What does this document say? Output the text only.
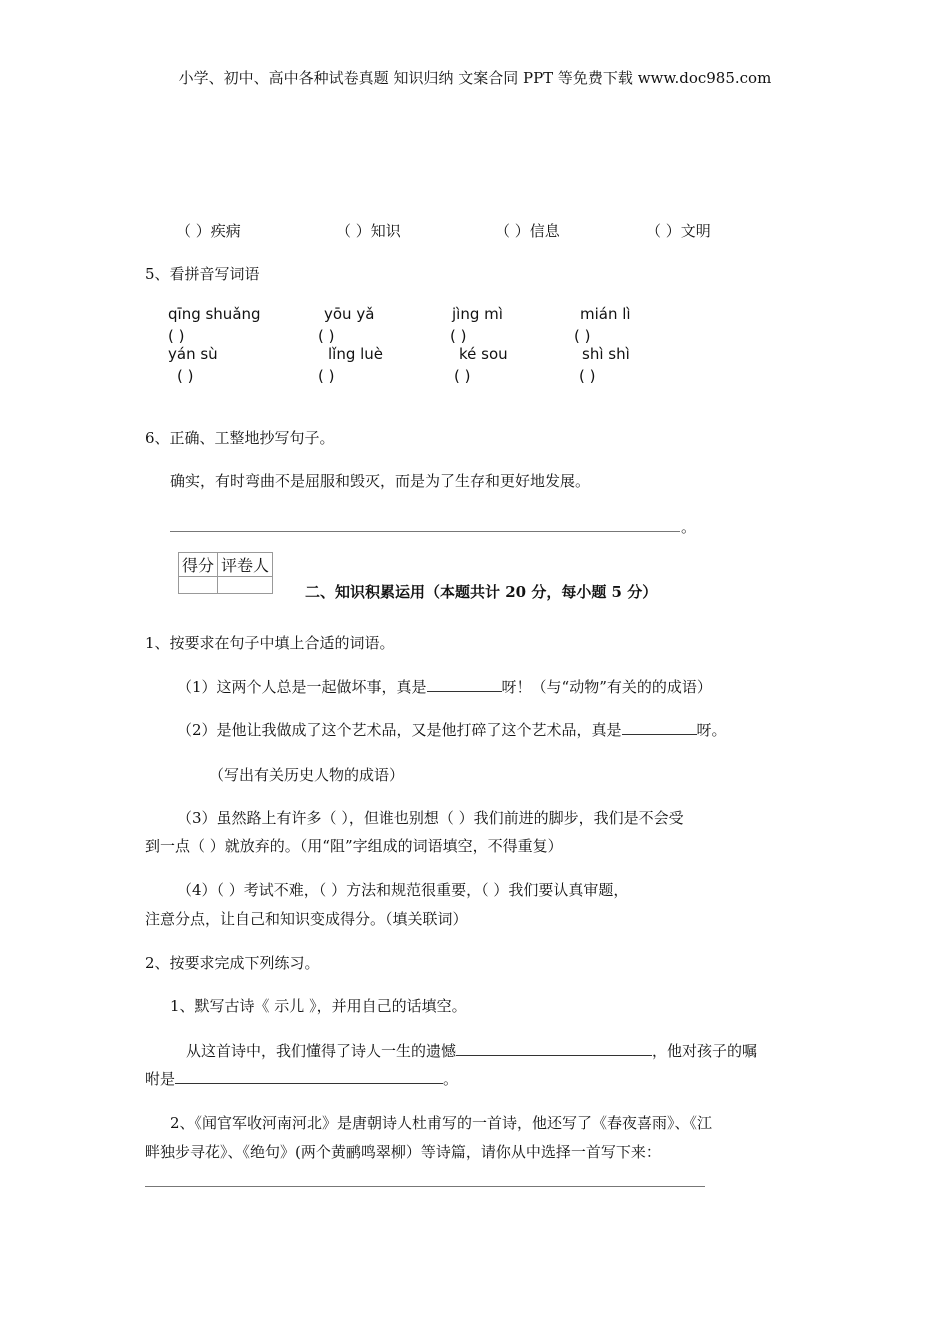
小学、初中、高中各种试卷真题 知识归纳 文案合同 PPT 等免费下载 www.doc985.com
（ ）疾病	（ ）知识	（ ）信息	（ ）文明
5、看拼音写词语
qīng shuǎng	yōu yǎ	jìng mì	mián lì
( )	( )	( )	( )
yán sù	lǐng luè	ké sou	shì shì
( )	( )	( )	( )
6、正确、工整地抄写句子。
确实，有时弯曲不是屈服和毁灭，而是为了生存和更好地发展。
。
得分	评卷人

二、知识积累运用（本题共计 20 分，每小题 5 分）
1、按要求在句子中填上合适的词语。
（1）这两个人总是一起做坏事，真是	呀！（与“动物”有关的的成语）
（2）是他让我做成了这个艺术品，又是他打碎了这个艺术品，真是	呀。
（写出有关历史人物的成语）
（3）虽然路上有许多（ ），但谁也别想（ ）我们前进的脚步，我们是不会受
到一点（ ）就放弃的。（用“阻”字组成的词语填空，不得重复）
（4）（ ）考试不难，（ ）方法和规范很重要，（ ）我们要认真审题，
注意分点，让自己和知识变成得分。（填关联词）
2、按要求完成下列练习。
1、默写古诗《 示儿 》，并用自己的话填空。
从这首诗中，我们懂得了诗人一生的遗憾	，他对孩子的嘱
咐是	。
2、《闻官军收河南河北》是唐朝诗人杜甫写的一首诗，他还写了《春夜喜雨》、《江
畔独步寻花》、《绝句》(两个黄鹂鸣翠柳）等诗篇，请你从中选择一首写下来：
